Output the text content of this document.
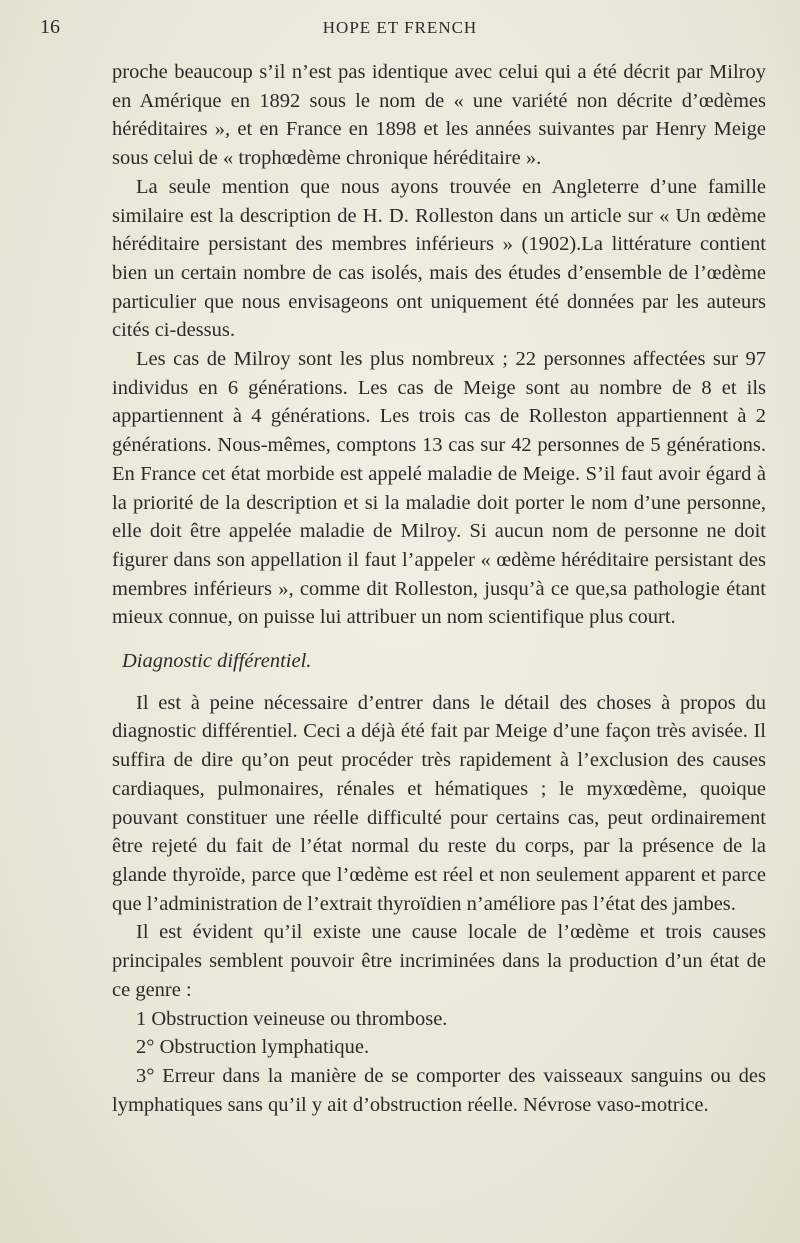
16	HOPE ET FRENCH

proche beaucoup s’il n’est pas identique avec celui qui a été décrit par Milroy en Amérique en 1892 sous le nom de « une variété non décrite d’œdèmes héréditaires », et en France en 1898 et les années suivantes par Henry Meige sous celui de « trophœdème chronique héréditaire ».

La seule mention que nous ayons trouvée en Angleterre d’une famille similaire est la description de H. D. Rolleston dans un article sur « Un œdème héréditaire persistant des membres inférieurs » (1902).La littérature contient bien un certain nombre de cas isolés, mais des études d’ensemble de l’œdème particulier que nous envisageons ont uniquement été données par les auteurs cités ci-dessus.

Les cas de Milroy sont les plus nombreux ; 22 personnes affectées sur 97 individus en 6 générations. Les cas de Meige sont au nombre de 8 et ils appartiennent à 4 générations. Les trois cas de Rolleston appartiennent à 2 générations. Nous-mêmes, comptons 13 cas sur 42 personnes de 5 générations. En France cet état morbide est appelé maladie de Meige. S’il faut avoir égard à la priorité de la description et si la maladie doit porter le nom d’une personne, elle doit être appelée maladie de Milroy. Si aucun nom de personne ne doit figurer dans son appellation il faut l’appeler « œdème héréditaire persistant des membres inférieurs », comme dit Rolleston, jusqu’à ce que,sa pathologie étant mieux connue, on puisse lui attribuer un nom scientifique plus court.

Diagnostic différentiel.

Il est à peine nécessaire d’entrer dans le détail des choses à propos du diagnostic différentiel. Ceci a déjà été fait par Meige d’une façon très avisée. Il suffira de dire qu’on peut procéder très rapidement à l’exclusion des causes cardiaques, pulmonaires, rénales et hématiques ; le myxœdème, quoique pouvant constituer une réelle difficulté pour certains cas, peut ordinairement être rejeté du fait de l’état normal du reste du corps, par la présence de la glande thyroïde, parce que l’œdème est réel et non seulement apparent et parce que l’administration de l’extrait thyroïdien n’améliore pas l’état des jambes.

Il est évident qu’il existe une cause locale de l’œdème et trois causes principales semblent pouvoir être incriminées dans la production d’un état de ce genre :

1 Obstruction veineuse ou thrombose.

2° Obstruction lymphatique.

3° Erreur dans la manière de se comporter des vaisseaux sanguins ou des lymphatiques sans qu’il y ait d’obstruction réelle. Névrose vaso-motrice.
